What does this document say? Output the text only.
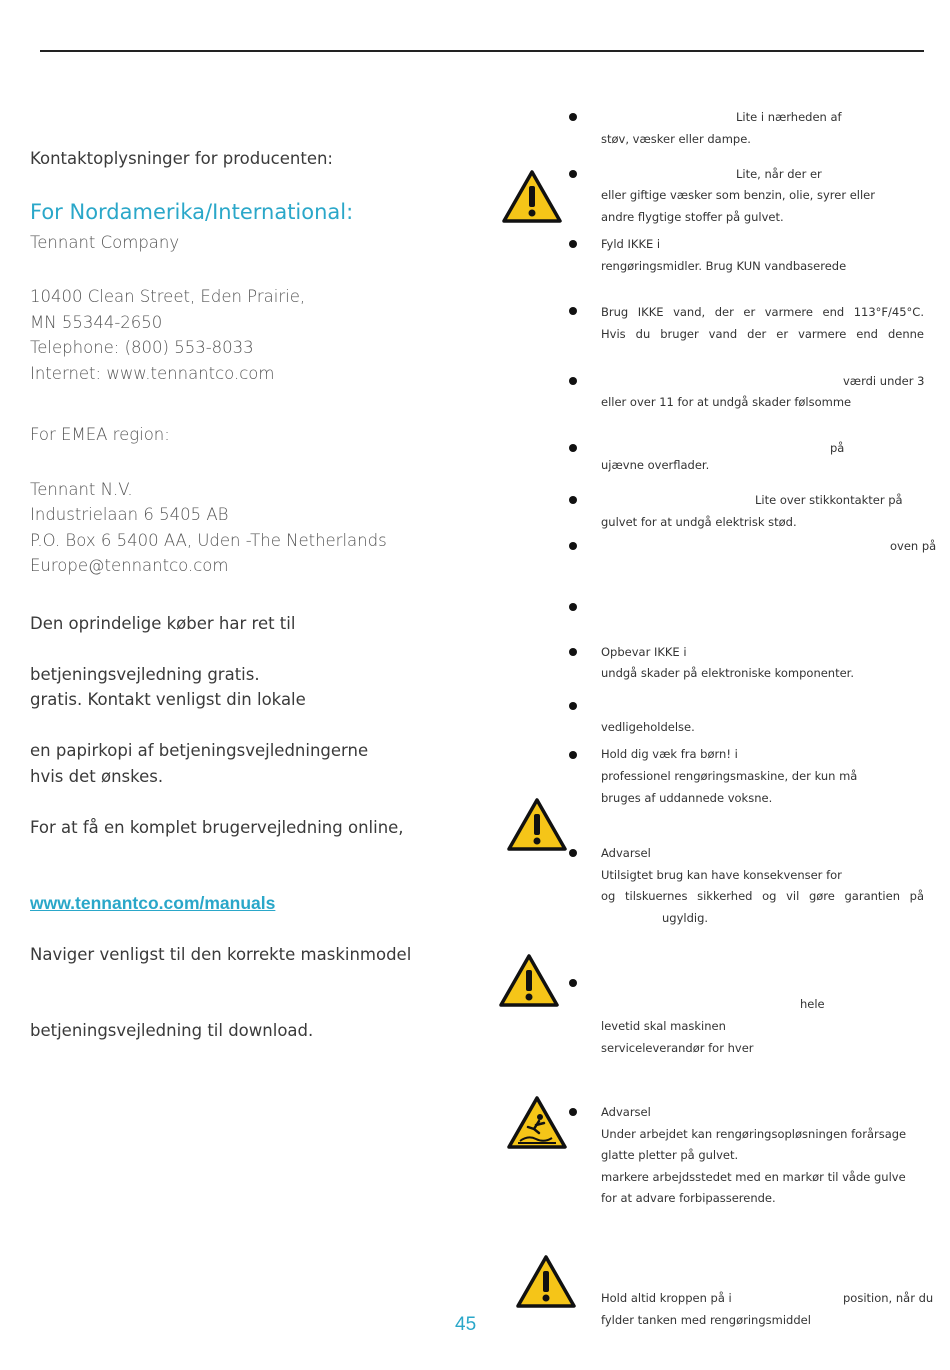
Kontaktoplysninger for producenten:
For Nordamerika/International:
Tennant Company
10400 Clean Street, Eden Prairie,
MN 55344-2650
Telephone: (800) 553-8033
Internet: www.tennantco.com
For EMEA region:
Tennant N.V.
Industrielaan 6 5405 AB
P.O. Box 6 5400 AA, Uden -The Netherlands
Europe@tennantco.com
Den oprindelige køber har ret til
betjeningsvejledning gratis.
gratis. Kontakt venligst din lokale
en papirkopi af betjeningsvejledningerne
hvis det ønskes.
For at få en komplet brugervejledning online,
www.tennantco.com/manuals
Naviger venligst til den korrekte maskinmodel
betjeningsvejledning til download.
45
Lite i nærheden af
støv, væsker eller dampe.
Lite, når der er
eller giftige væsker som benzin, olie, syrer eller
andre flygtige stoffer på gulvet.
Fyld IKKE i
rengøringsmidler. Brug KUN vandbaserede
Brug IKKE vand, der er varmere end 113°F/45°C.
Hvis du bruger vand der er varmere end denne
værdi under 3
eller over 11 for at undgå skader følsomme
på
ujævne overflader.
Lite over stikkontakter på
gulvet for at undgå elektrisk stød.
oven på
Opbevar IKKE i
undgå skader på elektroniske komponenter.
vedligeholdelse.
Hold dig væk fra børn! i
professionel rengøringsmaskine, der kun må
bruges af uddannede voksne.
Advarsel
Utilsigtet brug kan have konsekvenser for
og tilskuernes sikkerhed og vil gøre garantien på
ugyldig.
hele
levetid skal maskinen
serviceleverandør for hver
Advarsel
Under arbejdet kan rengøringsopløsningen forårsage
glatte pletter på gulvet.
markere arbejdsstedet med en markør til våde gulve
for at advare forbipasserende.
Hold altid kroppen på i	position, når du
fylder tanken med rengøringsmiddel
